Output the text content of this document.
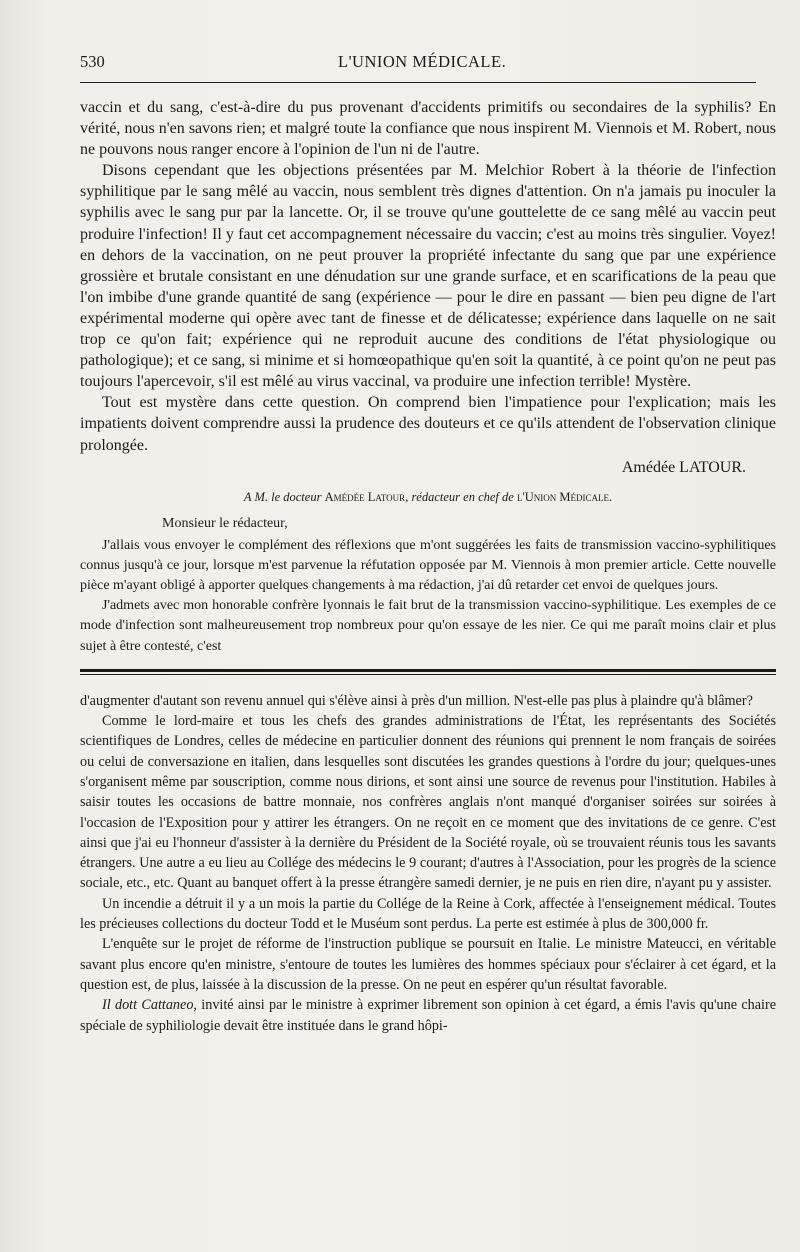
530	L'UNION MÉDICALE.

vaccin et du sang, c'est-à-dire du pus provenant d'accidents primitifs ou secondaires de la syphilis? En vérité, nous n'en savons rien; et malgré toute la confiance que nous inspirent M. Viennois et M. Robert, nous ne pouvons nous ranger encore à l'opinion de l'un ni de l'autre.

Disons cependant que les objections présentées par M. Melchior Robert à la théorie de l'infection syphilitique par le sang mêlé au vaccin, nous semblent très dignes d'attention. On n'a jamais pu inoculer la syphilis avec le sang pur par la lancette. Or, il se trouve qu'une gouttelette de ce sang mêlé au vaccin peut produire l'infection! Il y faut cet accompagnement nécessaire du vaccin; c'est au moins très singulier. Voyez! en dehors de la vaccination, on ne peut prouver la propriété infectante du sang que par une expérience grossière et brutale consistant en une dénudation sur une grande surface, et en scarifications de la peau que l'on imbibe d'une grande quantité de sang (expérience — pour le dire en passant — bien peu digne de l'art expérimental moderne qui opère avec tant de finesse et de délicatesse; expérience dans laquelle on ne sait trop ce qu'on fait; expérience qui ne reproduit aucune des conditions de l'état physiologique ou pathologique); et ce sang, si minime et si homœopathique qu'en soit la quantité, à ce point qu'on ne peut pas toujours l'apercevoir, s'il est mêlé au virus vaccinal, va produire une infection terrible! Mystère.

Tout est mystère dans cette question. On comprend bien l'impatience pour l'explication; mais les impatients doivent comprendre aussi la prudence des douteurs et ce qu'ils attendent de l'observation clinique prolongée.

Amédée LATOUR.
A M. le docteur Amédée Latour, rédacteur en chef de l'Union Médicale.
Monsieur le rédacteur,

J'allais vous envoyer le complément des réflexions que m'ont suggérées les faits de transmission vaccino-syphilitiques connus jusqu'à ce jour, lorsque m'est parvenue la réfutation opposée par M. Viennois à mon premier article. Cette nouvelle pièce m'ayant obligé à apporter quelques changements à ma rédaction, j'ai dû retarder cet envoi de quelques jours.

J'admets avec mon honorable confrère lyonnais le fait brut de la transmission vaccino-syphilitique. Les exemples de ce mode d'infection sont malheureusement trop nombreux pour qu'on essaye de les nier. Ce qui me paraît moins clair et plus sujet à être contesté, c'est

d'augmenter d'autant son revenu annuel qui s'élève ainsi à près d'un million. N'est-elle pas plus à plaindre qu'à blâmer?

Comme le lord-maire et tous les chefs des grandes administrations de l'État, les représentants des Sociétés scientifiques de Londres, celles de médecine en particulier donnent des réunions qui prennent le nom français de soirées ou celui de conversazione en italien, dans lesquelles sont discutées les grandes questions à l'ordre du jour; quelques-unes s'organisent même par souscription, comme nous dirions, et sont ainsi une source de revenus pour l'institution. Habiles à saisir toutes les occasions de battre monnaie, nos confrères anglais n'ont manqué d'organiser soirées sur soirées à l'occasion de l'Exposition pour y attirer les étrangers. On ne reçoit en ce moment que des invitations de ce genre. C'est ainsi que j'ai eu l'honneur d'assister à la dernière du Président de la Société royale, où se trouvaient réunis tous les savants étrangers. Une autre a eu lieu au Collége des médecins le 9 courant; d'autres à l'Association, pour les progrès de la science sociale, etc., etc. Quant au banquet offert à la presse étrangère samedi dernier, je ne puis en rien dire, n'ayant pu y assister.

Un incendie a détruit il y a un mois la partie du Collége de la Reine à Cork, affectée à l'enseignement médical. Toutes les précieuses collections du docteur Todd et le Muséum sont perdus. La perte est estimée à plus de 300,000 fr.

L'enquête sur le projet de réforme de l'instruction publique se poursuit en Italie. Le ministre Mateucci, en véritable savant plus encore qu'en ministre, s'entoure de toutes les lumières des hommes spéciaux pour s'éclairer à cet égard, et la question est, de plus, laissée à la discussion de la presse. On ne peut en espérer qu'un résultat favorable.

Il dott Cattaneo, invité ainsi par le ministre à exprimer librement son opinion à cet égard, a émis l'avis qu'une chaire spéciale de syphiliologie devait être instituée dans le grand hôpi-
